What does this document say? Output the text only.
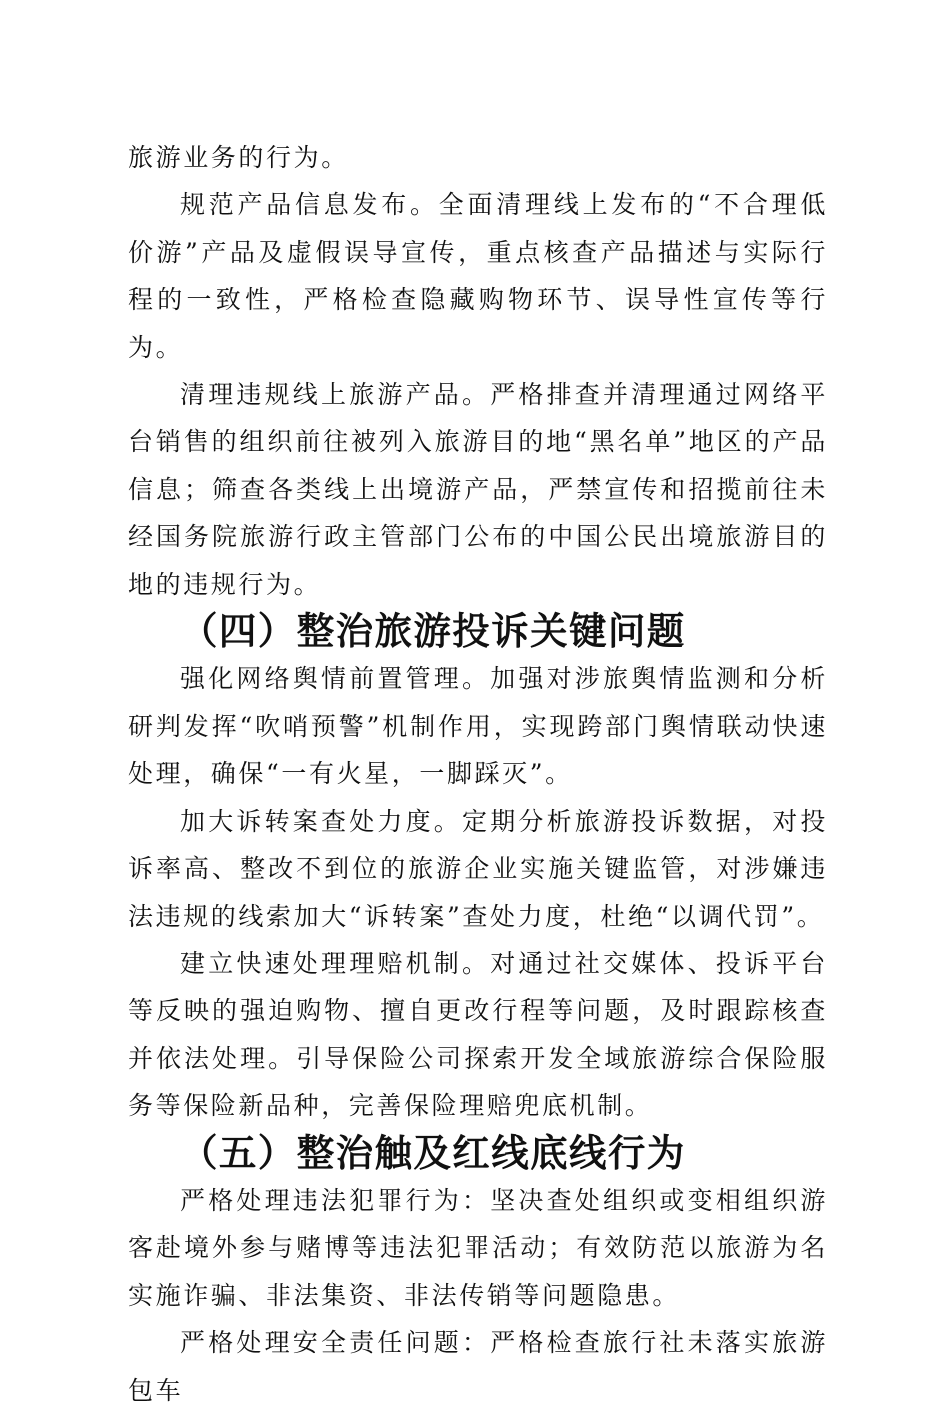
旅游业务的行为。

规范产品信息发布。全面清理线上发布的“不合理低价游”产品及虚假误导宣传，重点核查产品描述与实际行程的一致性，严格检查隐藏购物环节、误导性宣传等行为。

清理违规线上旅游产品。严格排查并清理通过网络平台销售的组织前往被列入旅游目的地“黑名单”地区的产品信息；筛查各类线上出境游产品，严禁宣传和招揽前往未经国务院旅游行政主管部门公布的中国公民出境旅游目的地的违规行为。

（四）整治旅游投诉关键问题

强化网络舆情前置管理。加强对涉旅舆情监测和分析研判发挥“吹哨预警”机制作用，实现跨部门舆情联动快速处理，确保“一有火星，一脚踩灭”。

加大诉转案查处力度。定期分析旅游投诉数据，对投诉率高、整改不到位的旅游企业实施关键监管，对涉嫌违法违规的线索加大“诉转案”查处力度，杜绝“以调代罚”。

建立快速处理理赔机制。对通过社交媒体、投诉平台等反映的强迫购物、擅自更改行程等问题，及时跟踪核查并依法处理。引导保险公司探索开发全域旅游综合保险服务等保险新品种，完善保险理赔兜底机制。

（五）整治触及红线底线行为

严格处理违法犯罪行为：坚决查处组织或变相组织游客赴境外参与赌博等违法犯罪活动；有效防范以旅游为名实施诈骗、非法集资、非法传销等问题隐患。

严格处理安全责任问题：严格检查旅行社未落实旅游包车
